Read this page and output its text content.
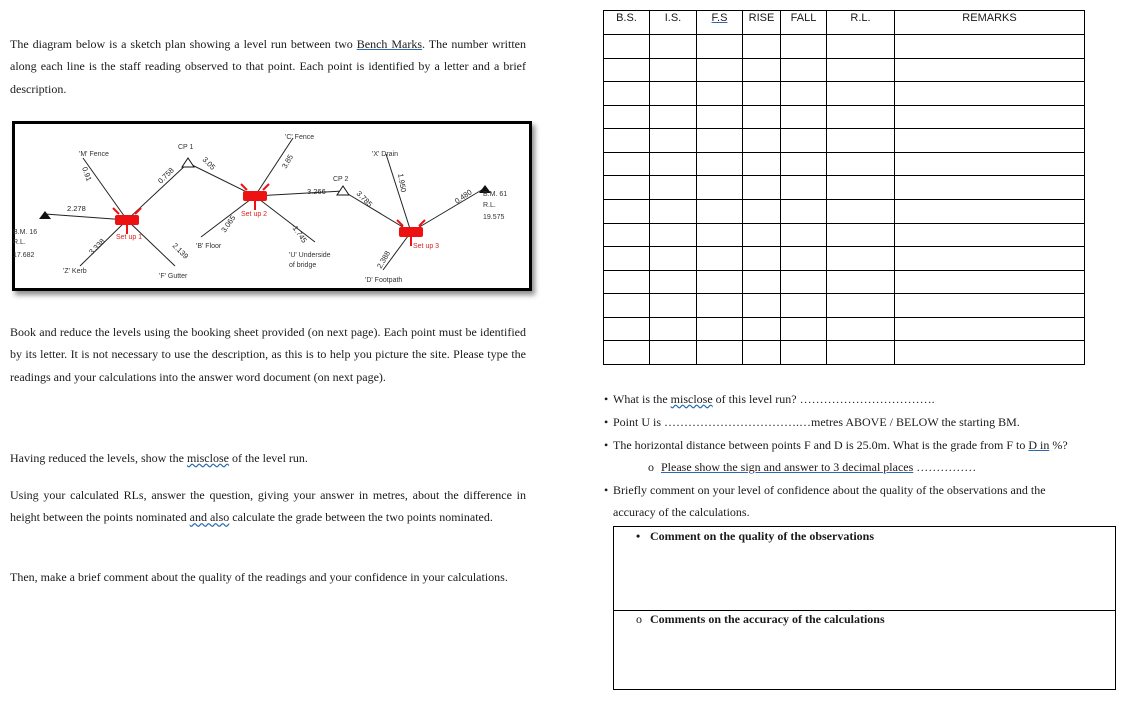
The diagram below is a sketch plan showing a level run between two Bench Marks. The number written along each line is the staff reading observed to that point. Each point is identified by a letter and a brief description.

B.M. 16
R.L.
17.682
B.M. 61
R.L.
19.575
'M' Fence
'Z' Kerb
'B' Floor
'F' Gutter
'C' Fence
'U' Underside
of bridge
'X' Drain
'D' Footpath
CP 1
CP 2
Set up 1
Set up 2
Set up 3
2.278
0.91
3.338
0.758
2.139
3.05
3.065
3.85
3.266
-1.745
3.785
1.950
2.388
0.480

Book and reduce the levels using the booking sheet provided (on next page). Each point must be identified by its letter. It is not necessary to use the description, as this is to help you picture the site. Please type the readings and your calculations into the answer word document (on next page).

Having reduced the levels, show the misclose of the level run.

Using your calculated RLs, answer the question, giving your answer in metres, about the difference in height between the points nominated and also calculate the grade between the two points nominated.

Then, make a brief comment about the quality of the readings and your confidence in your calculations.

B.S.	I.S.	F.S	RISE	FALL	R.L.	REMARKS

• What is the misclose of this level run? …………………………….
• Point U is …………………………….…metres ABOVE / BELOW the starting BM.
• The horizontal distance between points F and D is 25.0m. What is the grade from F to D in %?
o Please show the sign and answer to 3 decimal places ……………
• Briefly comment on your level of confidence about the quality of the observations and the
accuracy of the calculations.
• Comment on the quality of the observations
o Comments on the accuracy of the calculations
